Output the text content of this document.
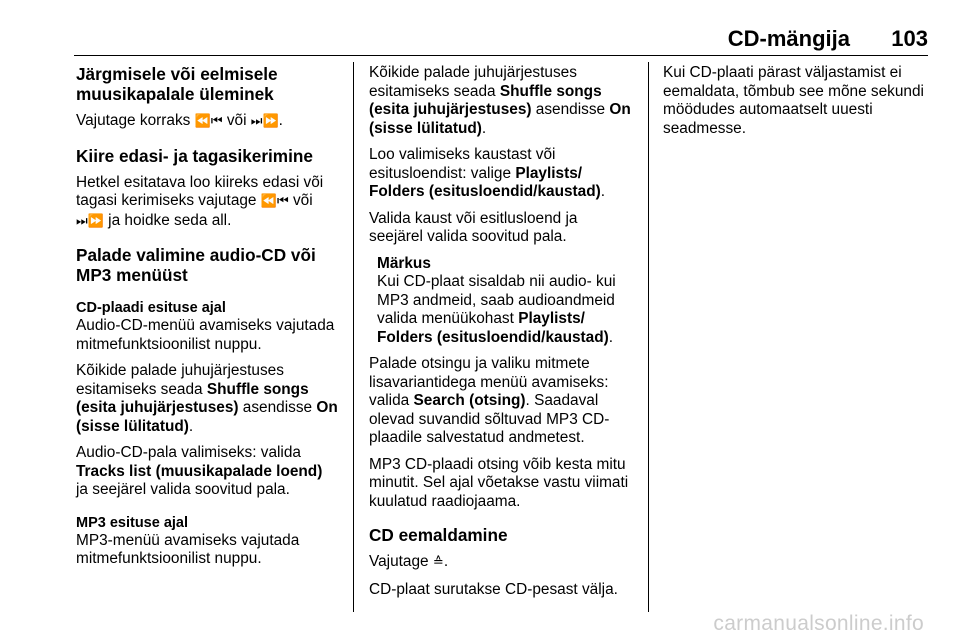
CD-mängija 103
Järgmisele või eelmisele muusikapalale üleminek

Vajutage korraks ⏪⏮ või ⏭⏩.

Kiire edasi- ja tagasikerimine

Hetkel esitatava loo kiireks edasi või tagasi kerimiseks vajutage ⏪⏮ või
⏭⏩ ja hoidke seda all.

Palade valimine audio-CD või MP3 menüüst
CD-plaadi esituse ajal

Audio-CD-menüü avamiseks vajutada mitmefunktsioonilist nuppu.

Kõikide palade juhujärjestuses esitamiseks seada Shuffle songs (esita juhujärjestuses) asendisse On (sisse lülitatud).

Audio-CD-pala valimiseks: valida Tracks list (muusikapalade loend) ja seejärel valida soovitud pala.

MP3 esituse ajal

MP3-menüü avamiseks vajutada mitmefunktsioonilist nuppu.

Kõikide palade juhujärjestuses esitamiseks seada Shuffle songs (esita juhujärjestuses) asendisse On (sisse lülitatud).

Loo valimiseks kaustast või esitusloendist: valige Playlists/ Folders (esitusloendid/kaustad).

Valida kaust või esitlusloend ja seejärel valida soovitud pala.

Märkus
Kui CD-plaat sisaldab nii audio- kui MP3 andmeid, saab audioandmeid valida menüükohast Playlists/ Folders (esitusloendid/kaustad).

Palade otsingu ja valiku mitmete lisavariantidega menüü avamiseks: valida Search (otsing). Saadaval olevad suvandid sõltuvad MP3 CD-plaadile salvestatud andmetest.

MP3 CD-plaadi otsing võib kesta mitu minutit. Sel ajal võetakse vastu viimati kuulatud raadiojaama.

CD eemaldamine

Vajutage ≙.

CD-plaat surutakse CD-pesast välja.

Kui CD-plaati pärast väljastamist ei eemaldata, tõmbub see mõne sekundi möödudes automaatselt uuesti seadmesse.

carmanualsonline.info
